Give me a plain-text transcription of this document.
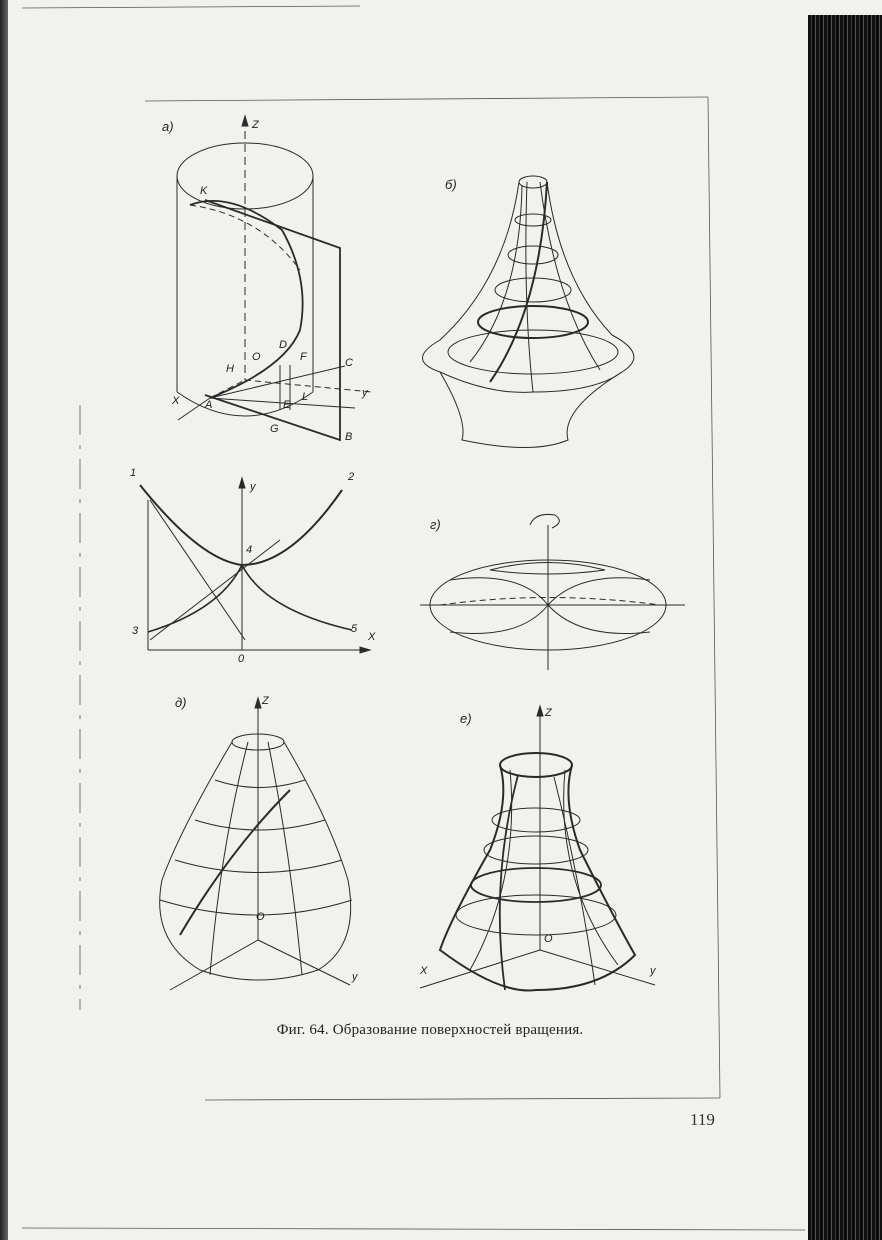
а)	Z
K
O
D
F	C
H
A
X
y
E
L
G
B
б)
y
1	2
3
4
5
X
0
г)
д)	Z
O
y
е)	Z
O
X	y
Фиг. 64. Образование поверхностей вращения.
119
